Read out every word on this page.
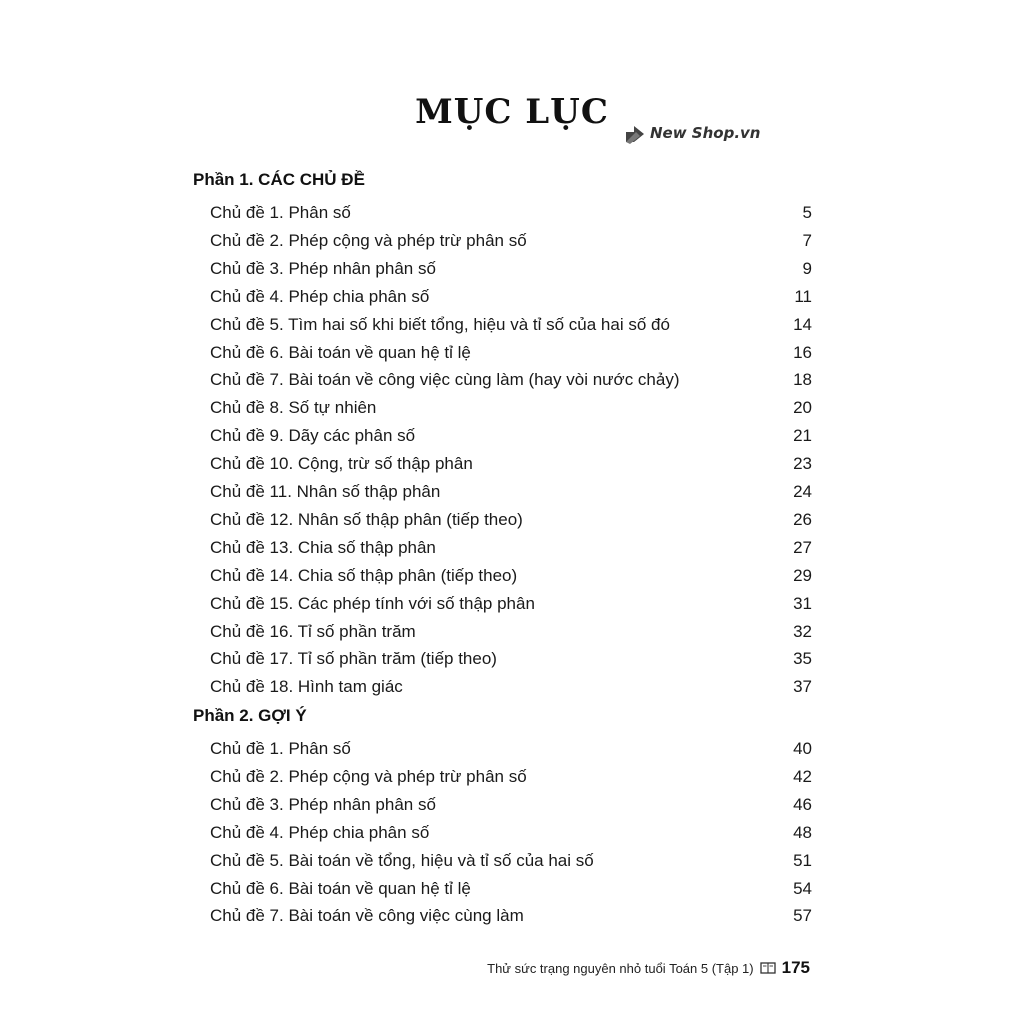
MỤC LỤC
New Shop.vn
Phần 1. CÁC CHỦ ĐỀ
Chủ đề 1. Phân số	5
Chủ đề 2. Phép cộng và phép trừ phân số	7
Chủ đề 3. Phép nhân phân số	9
Chủ đề 4. Phép chia phân số	11
Chủ đề 5. Tìm hai số khi biết tổng, hiệu và tỉ số của hai số đó	14
Chủ đề 6. Bài toán về quan hệ tỉ lệ	16
Chủ đề 7. Bài toán về công việc cùng làm (hay vòi nước chảy)	18
Chủ đề 8. Số tự nhiên	20
Chủ đề 9. Dãy các phân số	21
Chủ đề 10. Cộng, trừ số thập phân	23
Chủ đề 11. Nhân số thập phân	24
Chủ đề 12. Nhân số thập phân (tiếp theo)	26
Chủ đề 13. Chia số thập phân	27
Chủ đề 14. Chia số thập phân (tiếp theo)	29
Chủ đề 15. Các phép tính với số thập phân	31
Chủ đề 16. Tỉ số phần trăm	32
Chủ đề 17. Tỉ số phần trăm (tiếp theo)	35
Chủ đề 18. Hình tam giác	37
Phần 2. GỢI Ý
Chủ đề 1. Phân số	40
Chủ đề 2. Phép cộng và phép trừ phân số	42
Chủ đề 3. Phép nhân phân số	46
Chủ đề 4. Phép chia phân số	48
Chủ đề 5. Bài toán về tổng, hiệu và tỉ số của hai số	51
Chủ đề 6. Bài toán về quan hệ tỉ lệ	54
Chủ đề 7. Bài toán về công việc cùng làm	57
Thử sức trạng nguyên nhỏ tuổi Toán 5 (Tập 1) 175
